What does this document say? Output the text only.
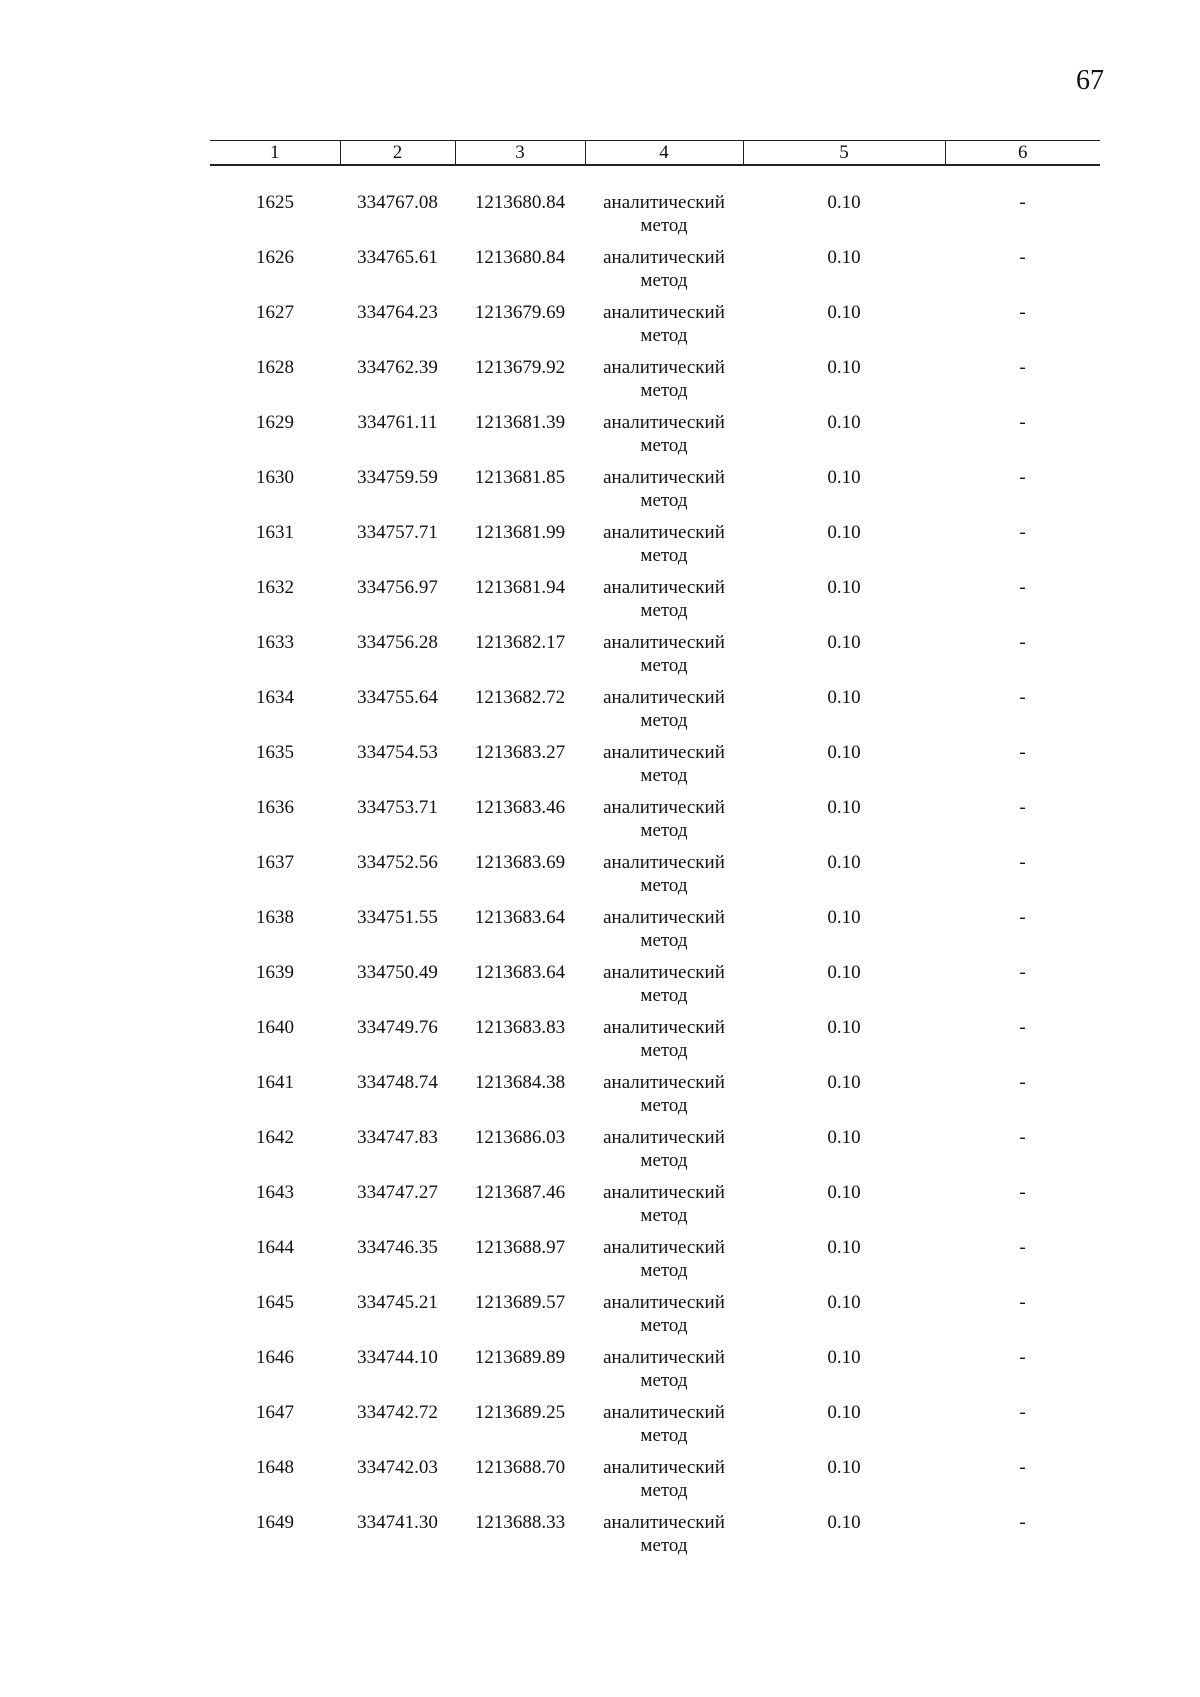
67
1	2	3	4	5	6

1625	334767.08	1213680.84	аналитический
метод	0.10	-
1626	334765.61	1213680.84	аналитический
метод	0.10	-
1627	334764.23	1213679.69	аналитический
метод	0.10	-
1628	334762.39	1213679.92	аналитический
метод	0.10	-
1629	334761.11	1213681.39	аналитический
метод	0.10	-
1630	334759.59	1213681.85	аналитический
метод	0.10	-
1631	334757.71	1213681.99	аналитический
метод	0.10	-
1632	334756.97	1213681.94	аналитический
метод	0.10	-
1633	334756.28	1213682.17	аналитический
метод	0.10	-
1634	334755.64	1213682.72	аналитический
метод	0.10	-
1635	334754.53	1213683.27	аналитический
метод	0.10	-
1636	334753.71	1213683.46	аналитический
метод	0.10	-
1637	334752.56	1213683.69	аналитический
метод	0.10	-
1638	334751.55	1213683.64	аналитический
метод	0.10	-
1639	334750.49	1213683.64	аналитический
метод	0.10	-
1640	334749.76	1213683.83	аналитический
метод	0.10	-
1641	334748.74	1213684.38	аналитический
метод	0.10	-
1642	334747.83	1213686.03	аналитический
метод	0.10	-
1643	334747.27	1213687.46	аналитический
метод	0.10	-
1644	334746.35	1213688.97	аналитический
метод	0.10	-
1645	334745.21	1213689.57	аналитический
метод	0.10	-
1646	334744.10	1213689.89	аналитический
метод	0.10	-
1647	334742.72	1213689.25	аналитический
метод	0.10	-
1648	334742.03	1213688.70	аналитический
метод	0.10	-
1649	334741.30	1213688.33	аналитический
метод	0.10	-
